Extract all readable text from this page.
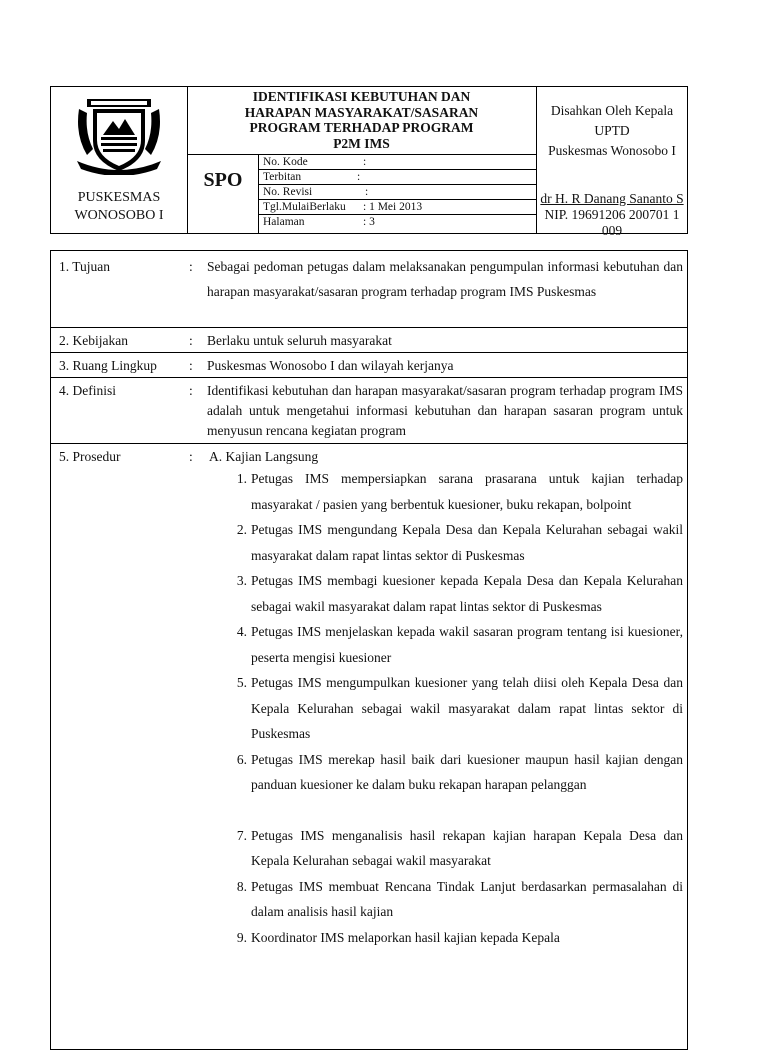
PUSKESMAS
WONOSOBO I
IDENTIFIKASI KEBUTUHAN DAN
HARAPAN MASYARAKAT/SASARAN
PROGRAM TERHADAP PROGRAM
P2M IMS
SPO
No. Kode	:
Terbitan	:
No. Revisi	:
Tgl.MulaiBerlaku : 1 Mei 2013
Halaman	: 3
Disahkan Oleh Kepala UPTD
Puskesmas Wonosobo I
dr H. R Danang Sananto S
NIP. 19691206 200701 1 009
1. Tujuan	: Sebagai pedoman petugas dalam melaksanakan pengumpulan informasi kebutuhan dan harapan masyarakat/sasaran program terhadap program IMS Puskesmas
2. Kebijakan	: Berlaku untuk seluruh masyarakat
3. Ruang Lingkup : Puskesmas Wonosobo I dan wilayah kerjanya
4. Definisi	: Identifikasi kebutuhan dan harapan masyarakat/sasaran program terhadap program IMS adalah untuk mengetahui informasi kebutuhan dan harapan sasaran program untuk menyusun rencana kegiatan program
5. Prosedur	: A. Kajian Langsung
1. Petugas IMS mempersiapkan sarana prasarana untuk kajian terhadap masyarakat / pasien yang berbentuk kuesioner, buku rekapan, bolpoint
2. Petugas IMS mengundang Kepala Desa dan Kepala Kelurahan sebagai wakil masyarakat dalam rapat lintas sektor di Puskesmas
3. Petugas IMS membagi kuesioner kepada Kepala Desa dan Kepala Kelurahan sebagai wakil masyarakat dalam rapat lintas sektor di Puskesmas
4. Petugas IMS menjelaskan kepada wakil sasaran program tentang isi kuesioner, peserta mengisi kuesioner
5. Petugas IMS mengumpulkan kuesioner yang telah diisi oleh Kepala Desa dan Kepala Kelurahan sebagai wakil masyarakat dalam rapat lintas sektor di Puskesmas
6. Petugas IMS merekap hasil baik dari kuesioner maupun hasil kajian dengan panduan kuesioner ke dalam buku rekapan harapan pelanggan
7. Petugas IMS menganalisis hasil rekapan kajian harapan Kepala Desa dan Kepala Kelurahan sebagai wakil masyarakat
8. Petugas IMS membuat Rencana Tindak Lanjut berdasarkan permasalahan di dalam analisis hasil kajian
9. Koordinator IMS melaporkan hasil kajian kepada Kepala
